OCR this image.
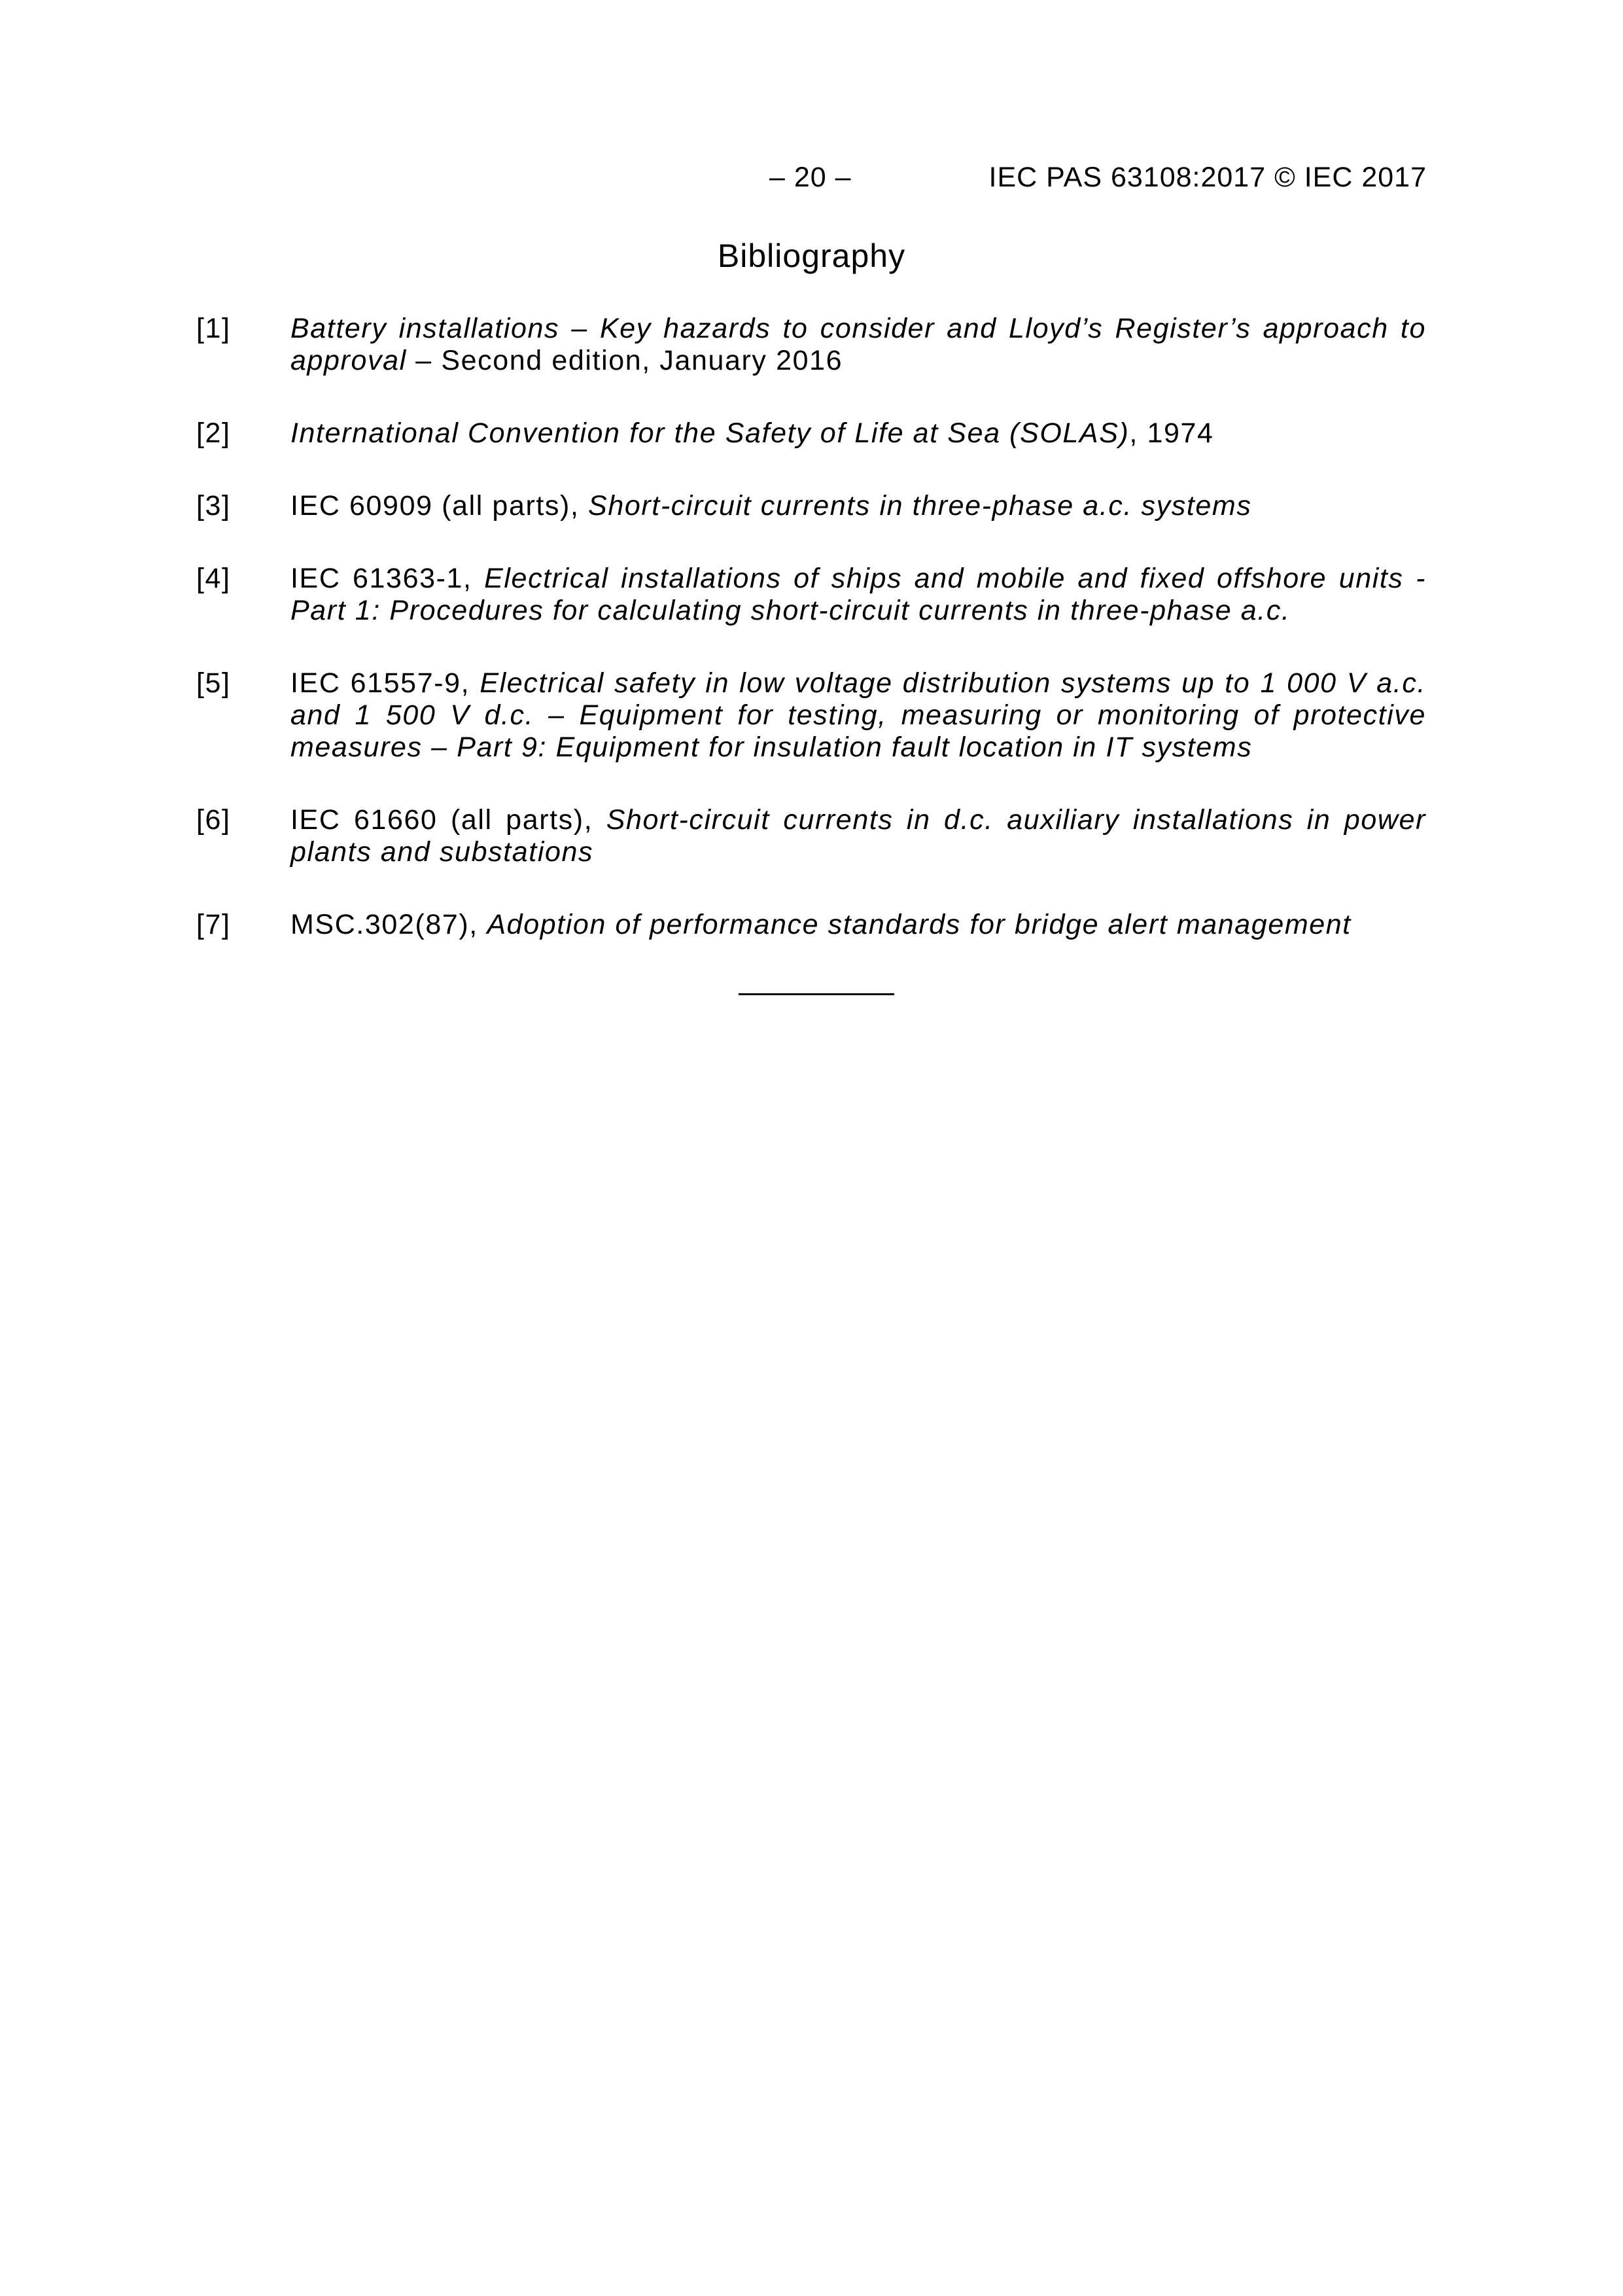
– 20 –	IEC PAS 63108:2017 © IEC 2017
Bibliography
[1] Battery installations – Key hazards to consider and Lloyd’s Register’s approach to approval – Second edition, January 2016
[2] International Convention for the Safety of Life at Sea (SOLAS), 1974
[3] IEC 60909 (all parts), Short-circuit currents in three-phase a.c. systems
[4] IEC 61363-1, Electrical installations of ships and mobile and fixed offshore units - Part 1: Procedures for calculating short-circuit currents in three-phase a.c.
[5] IEC 61557-9, Electrical safety in low voltage distribution systems up to 1 000 V a.c. and 1 500 V d.c. – Equipment for testing, measuring or monitoring of protective measures – Part 9: Equipment for insulation fault location in IT systems
[6] IEC 61660 (all parts), Short-circuit currents in d.c. auxiliary installations in power plants and substations
[7] MSC.302(87), Adoption of performance standards for bridge alert management
